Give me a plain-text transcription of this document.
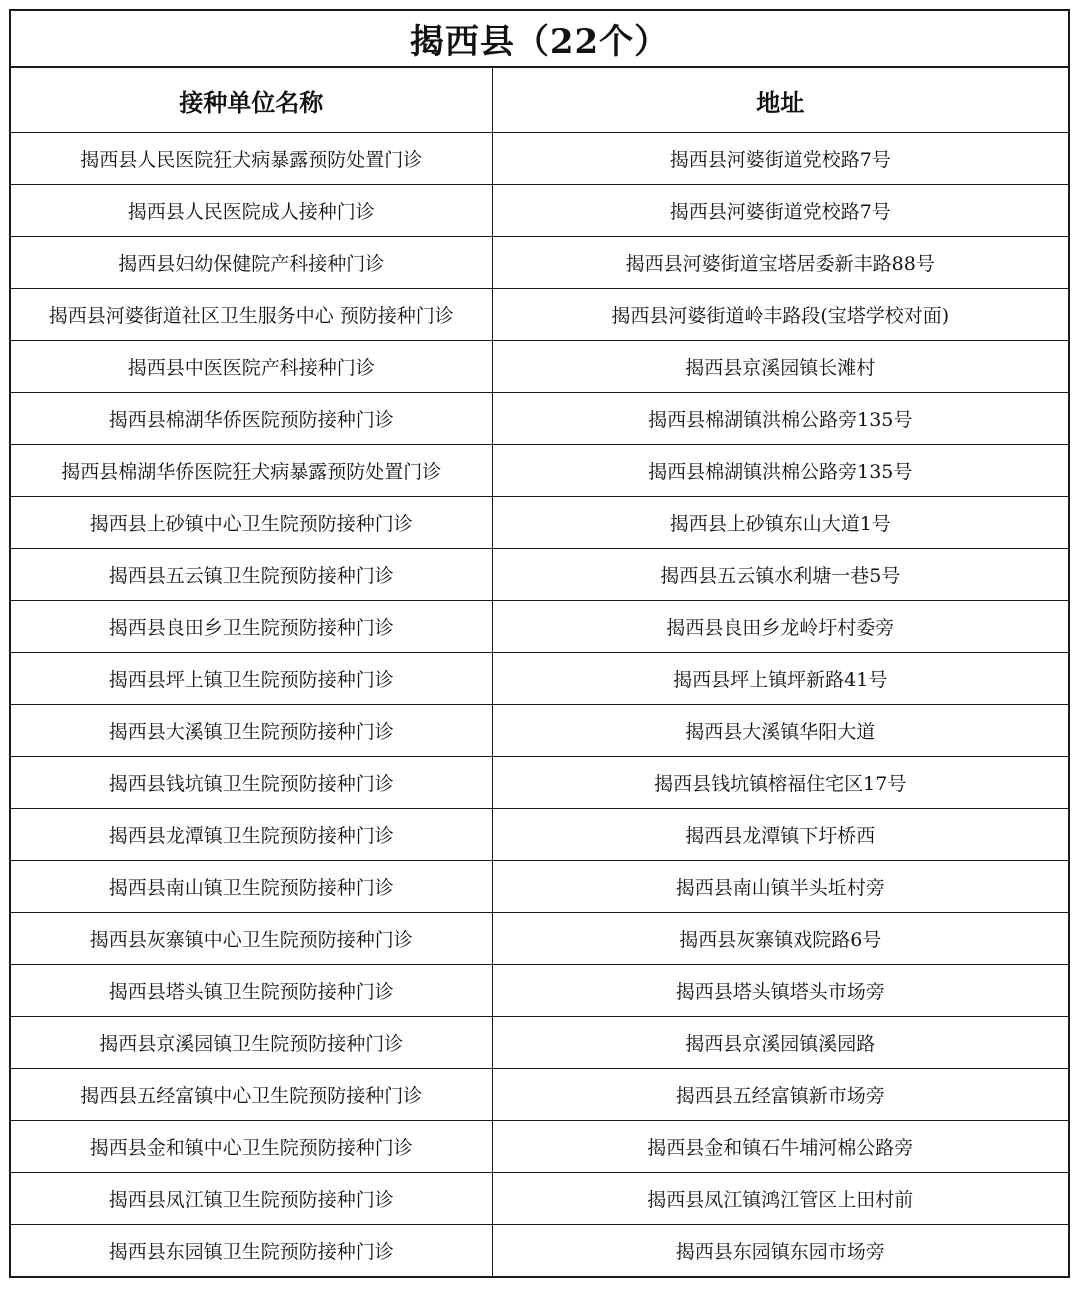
揭西县（22个）
接种单位名称	地址
揭西县人民医院狂犬病暴露预防处置门诊	揭西县河婆街道党校路7号
揭西县人民医院成人接种门诊	揭西县河婆街道党校路7号
揭西县妇幼保健院产科接种门诊	揭西县河婆街道宝塔居委新丰路88号
揭西县河婆街道社区卫生服务中心 预防接种门诊	揭西县河婆街道岭丰路段(宝塔学校对面)
揭西县中医医院产科接种门诊	揭西县京溪园镇长滩村
揭西县棉湖华侨医院预防接种门诊	揭西县棉湖镇洪棉公路旁135号
揭西县棉湖华侨医院狂犬病暴露预防处置门诊	揭西县棉湖镇洪棉公路旁135号
揭西县上砂镇中心卫生院预防接种门诊	揭西县上砂镇东山大道1号
揭西县五云镇卫生院预防接种门诊	揭西县五云镇水利塘一巷5号
揭西县良田乡卫生院预防接种门诊	揭西县良田乡龙岭圩村委旁
揭西县坪上镇卫生院预防接种门诊	揭西县坪上镇坪新路41号
揭西县大溪镇卫生院预防接种门诊	揭西县大溪镇华阳大道
揭西县钱坑镇卫生院预防接种门诊	揭西县钱坑镇榕福住宅区17号
揭西县龙潭镇卫生院预防接种门诊	揭西县龙潭镇下圩桥西
揭西县南山镇卫生院预防接种门诊	揭西县南山镇半头坵村旁
揭西县灰寨镇中心卫生院预防接种门诊	揭西县灰寨镇戏院路6号
揭西县塔头镇卫生院预防接种门诊	揭西县塔头镇塔头市场旁
揭西县京溪园镇卫生院预防接种门诊	揭西县京溪园镇溪园路
揭西县五经富镇中心卫生院预防接种门诊	揭西县五经富镇新市场旁
揭西县金和镇中心卫生院预防接种门诊	揭西县金和镇石牛埔河棉公路旁
揭西县凤江镇卫生院预防接种门诊	揭西县凤江镇鸿江管区上田村前
揭西县东园镇卫生院预防接种门诊	揭西县东园镇东园市场旁
